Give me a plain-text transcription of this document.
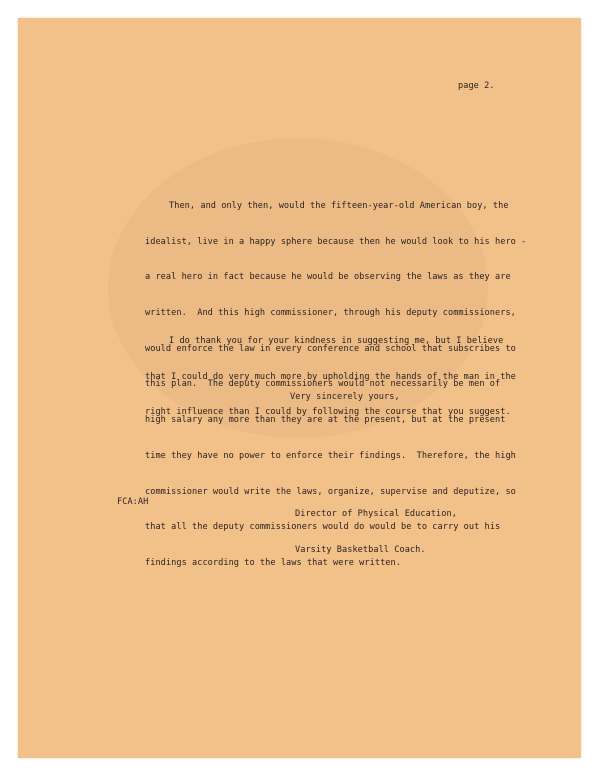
page 2.

Then, and only then, would the fifteen-year-old American boy, the

idealist, live in a happy sphere because then he would look to his hero -

a real hero in fact because he would be observing the laws as they are

written.  And this high commissioner, through his deputy commissioners,

would enforce the law in every conference and school that subscribes to

this plan.  The deputy commissioners would not necessarily be men of

high salary any more than they are at the present, but at the present

time they have no power to enforce their findings.  Therefore, the high

commissioner would write the laws, organize, supervise and deputize, so

that all the deputy commissioners would do would be to carry out his

findings according to the laws that were written.

I do thank you for your kindness in suggesting me, but I believe

that I could do very much more by upholding the hands of the man in the

right influence than I could by following the course that you suggest.

Very sincerely yours,

Director of Physical Education,

Varsity Basketball Coach.

FCA:AH
